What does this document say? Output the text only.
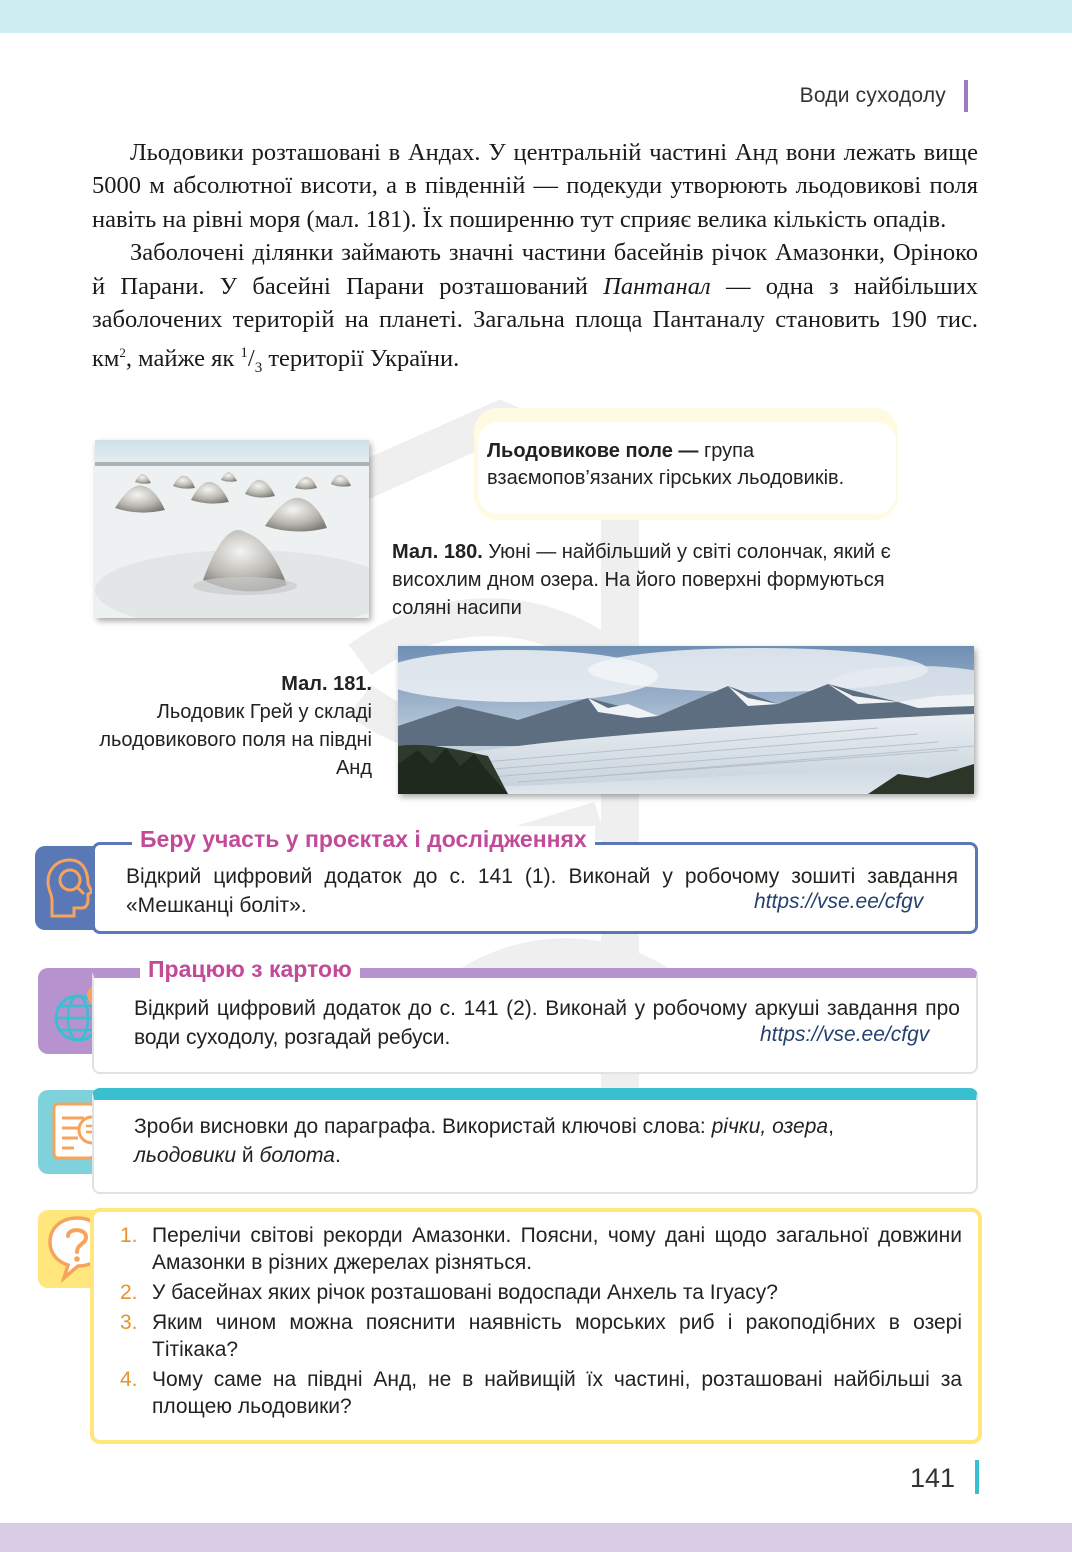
Води суходолу

Льодовики розташовані в Андах. У центральній частині Анд вони лежать вище 5000 м абсолютної висоти, а в південній — подекуди утворюють льодовикові поля навіть на рівні моря (мал. 181). Їх поширенню тут сприяє велика кількість опадів.

Заболочені ділянки займають значні частини басейнів річок Амазонки, Оріноко й Парани. У басейні Парани розташований Пантанал — одна з найбільших заболочених територій на планеті. Загальна площа Пантаналу становить 190 тис. $км^2$, майже як $^1/_3$ території України.

Льодовикове поле — група взаємопов’язаних гірських льодовиків.
Мал. 180. Уюні — найбільший у світі солончак, який є висохлим дном озера. На його поверхні формуються соляні насипи
Мал. 181.
Льодовик Грей у складі льодовикового поля на півдні Анд
Беру участь у проєктах і дослідженнях
Відкрий цифровий додаток до с. 141 (1). Виконай у робочому зошиті завдання «Мешканці боліт».	https://vse.ee/cfgv
Працюю з картою
Відкрий цифровий додаток до с. 141 (2). Виконай у робочому аркуші завдання про води суходолу, розгадай ребуси.	https://vse.ee/cfgv
Зроби висновки до параграфа. Використай ключові слова: річки, озера,
льодовики й болота.
1. Перелічи світові рекорди Амазонки. Поясни, чому дані щодо загальної довжини Амазонки в різних джерелах різняться.
2. У басейнах яких річок розташовані водоспади Анхель та Ігуасу?
3. Яким чином можна пояснити наявність морських риб і ракоподібних в озері Тітікака?
4. Чому саме на півдні Анд, не в найвищій їх частині, розташовані найбільші за площею льодовики?
141
